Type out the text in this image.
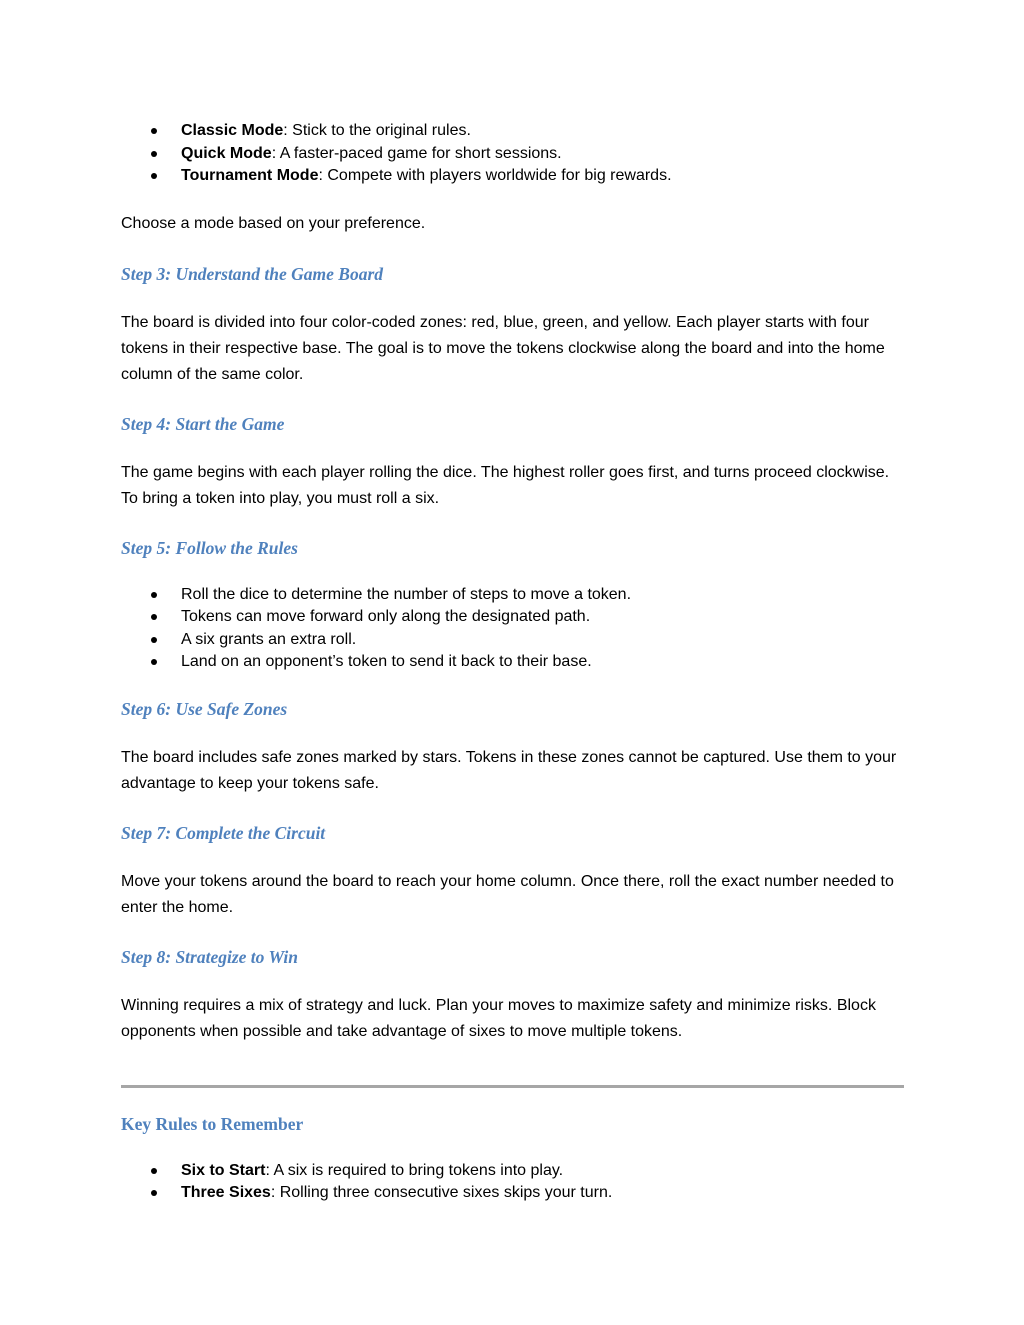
Classic Mode: Stick to the original rules.
Quick Mode: A faster-paced game for short sessions.
Tournament Mode: Compete with players worldwide for big rewards.

Choose a mode based on your preference.

Step 3: Understand the Game Board

The board is divided into four color-coded zones: red, blue, green, and yellow. Each player starts with four tokens in their respective base. The goal is to move the tokens clockwise along the board and into the home column of the same color.

Step 4: Start the Game

The game begins with each player rolling the dice. The highest roller goes first, and turns proceed clockwise. To bring a token into play, you must roll a six.

Step 5: Follow the Rules
Roll the dice to determine the number of steps to move a token.
Tokens can move forward only along the designated path.
A six grants an extra roll.
Land on an opponent’s token to send it back to their base.
Step 6: Use Safe Zones

The board includes safe zones marked by stars. Tokens in these zones cannot be captured. Use them to your advantage to keep your tokens safe.

Step 7: Complete the Circuit

Move your tokens around the board to reach your home column. Once there, roll the exact number needed to enter the home.

Step 8: Strategize to Win

Winning requires a mix of strategy and luck. Plan your moves to maximize safety and minimize risks. Block opponents when possible and take advantage of sixes to move multiple tokens.

Key Rules to Remember
Six to Start: A six is required to bring tokens into play.
Three Sixes: Rolling three consecutive sixes skips your turn.
